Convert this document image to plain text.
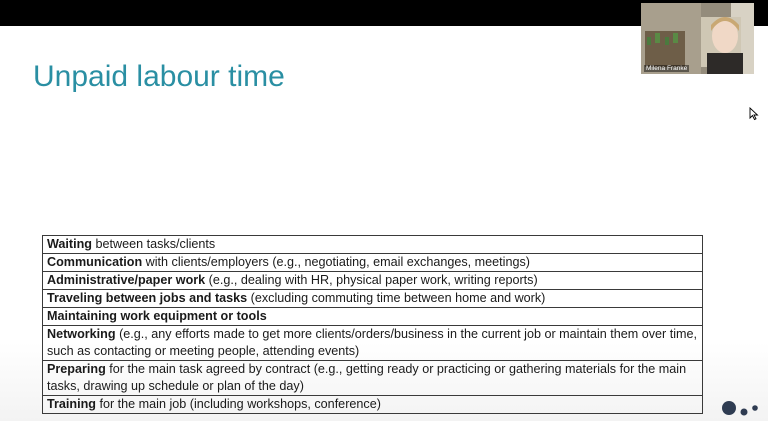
Unpaid labour time
Waiting between tasks/clients
Communication with clients/employers (e.g., negotiating, email exchanges, meetings)
Administrative/paper work (e.g., dealing with HR, physical paper work, writing reports)
Traveling between jobs and tasks (excluding commuting time between home and work)
Maintaining work equipment or tools
Networking (e.g., any efforts made to get more clients/orders/business in the current job or maintain them over time, such as contacting or meeting people, attending events)
Preparing for the main task agreed by contract (e.g., getting ready or practicing or gathering materials for the main tasks, drawing up schedule or plan of the day)
Training for the main job (including workshops, conference)
Milena Franke
